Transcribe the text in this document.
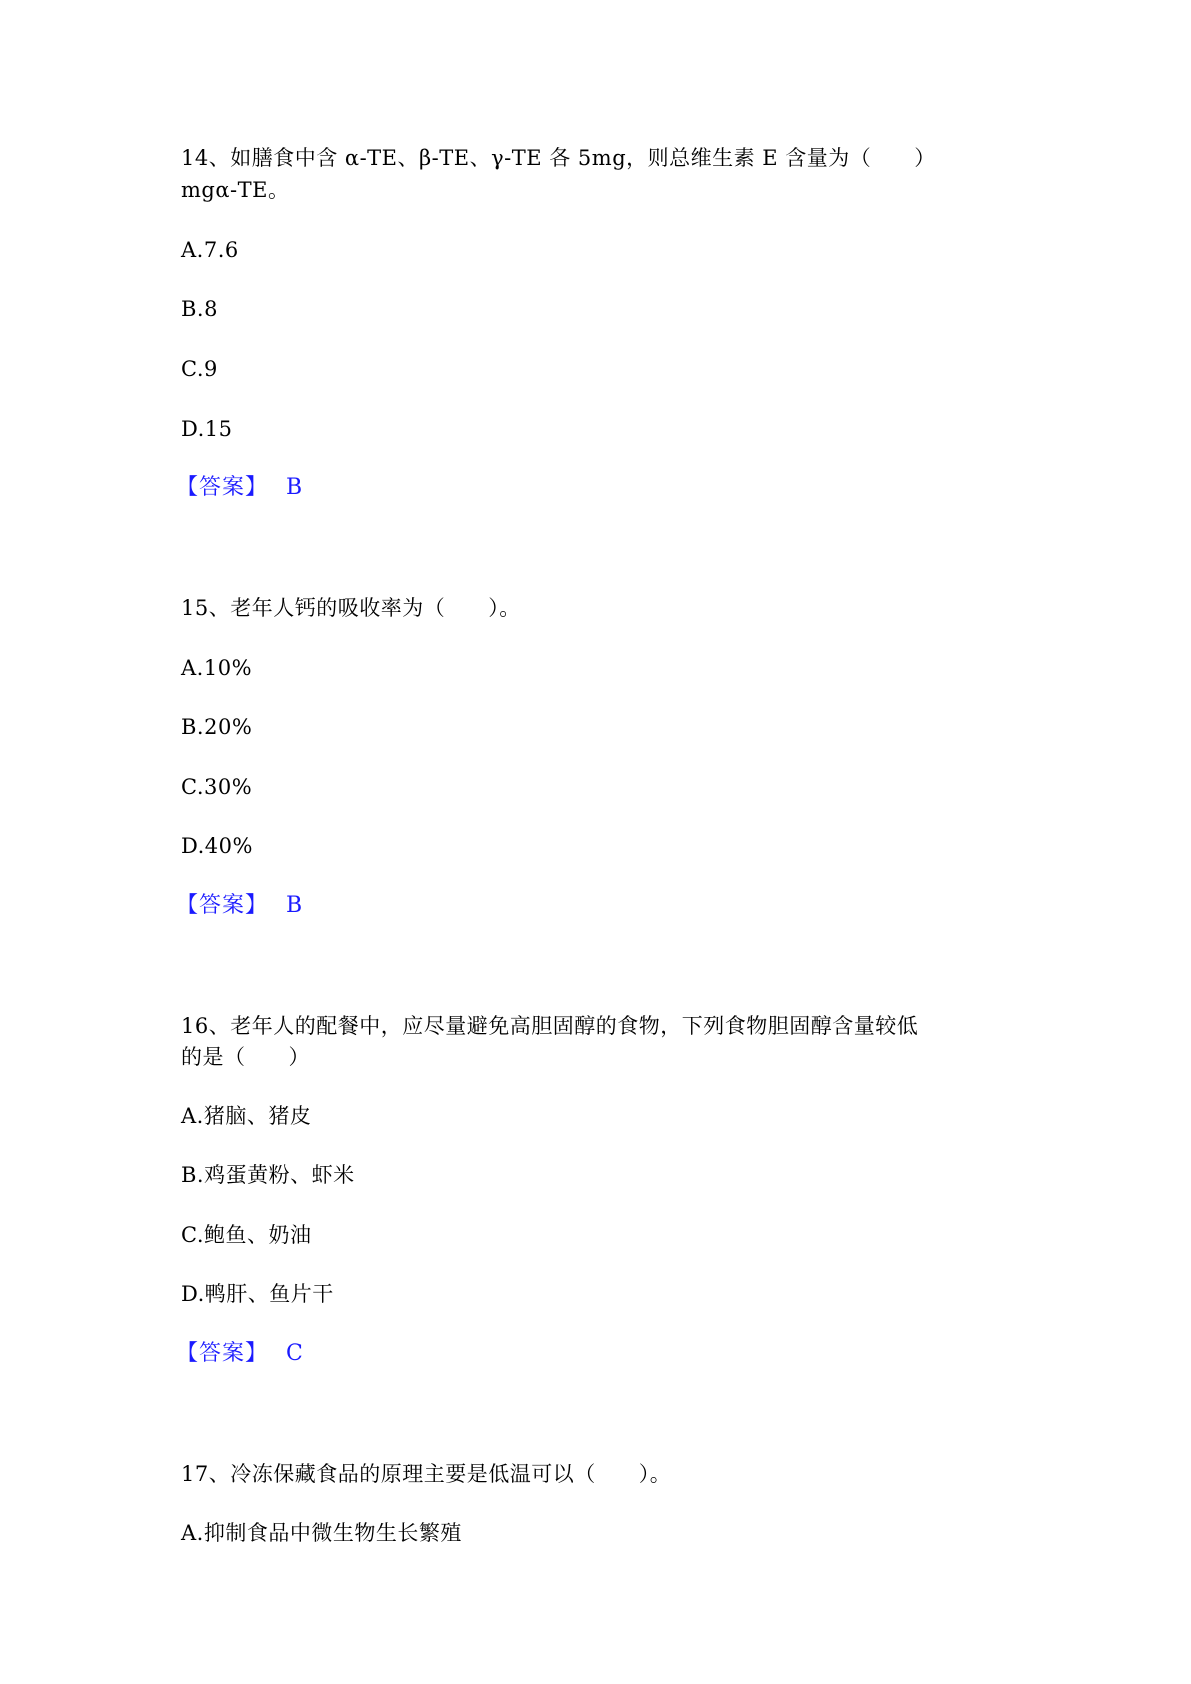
14、如膳食中含 α-TE、β-TE、γ-TE 各 5mg，则总维生素 E 含量为（　　）
mgα-TE。
A.7.6
B.8
C.9
D.15
【答案】 B
15、老年人钙的吸收率为（　　）。
A.10%
B.20%
C.30%
D.40%
【答案】 B
16、老年人的配餐中，应尽量避免高胆固醇的食物，下列食物胆固醇含量较低
的是（　　）
A.猪脑、猪皮
B.鸡蛋黄粉、虾米
C.鲍鱼、奶油
D.鸭肝、鱼片干
【答案】 C
17、冷冻保藏食品的原理主要是低温可以（　　）。
A.抑制食品中微生物生长繁殖
